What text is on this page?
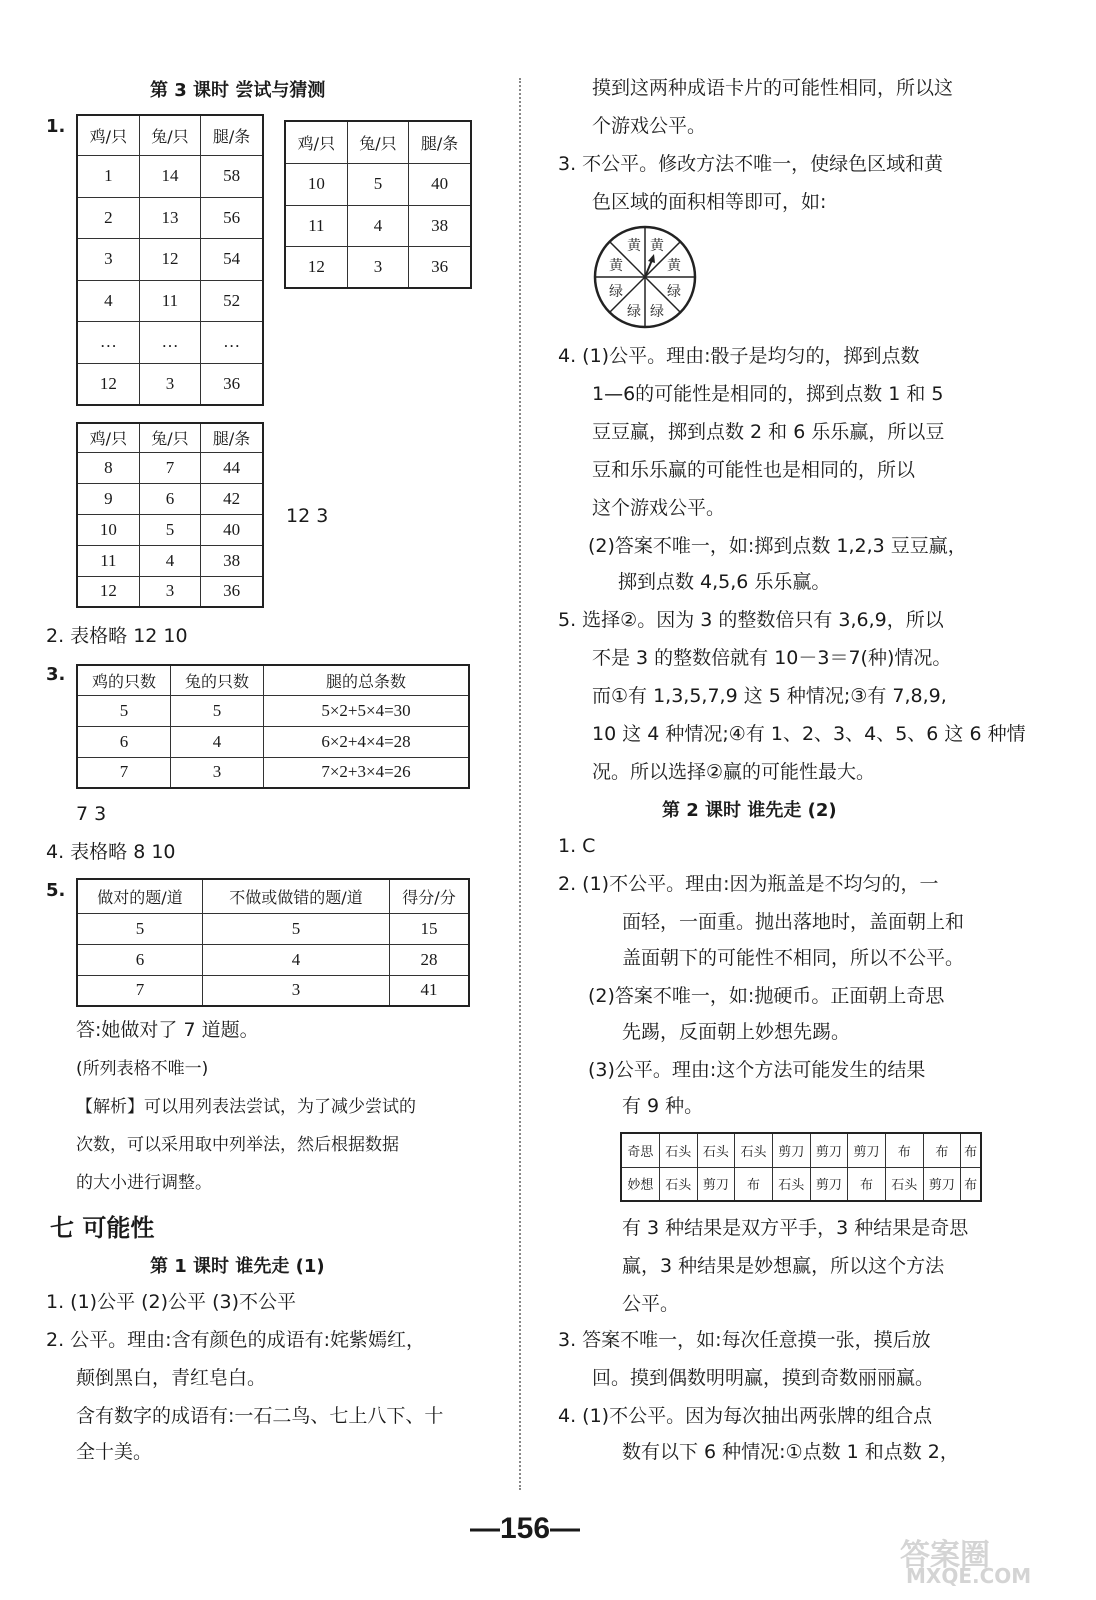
第 3 课时 尝试与猜测
1. 鸡/只	兔/只	腿/条
1	14	58
2	13	56
3	12	54
4	11	52
…	…	…
12	3	36
鸡/只	兔/只	腿/条
10	5	40
11	4	38
12	3	36
鸡/只	兔/只	腿/条
8	7	44
9	6	42
10	5	40
11	4	38
12	3	36
12 3
2. 表格略 12 10
3. 鸡的只数	兔的只数	腿的总条数
5	5	5×2+5×4=30
6	4	6×2+4×4=28
7	3	7×2+3×4=26
7 3
4. 表格略 8 10
5. 做对的题/道	不做或做错的题/道	得分/分
5	5	15
6	4	28
7	3	41
答:她做对了 7 道题。
(所列表格不唯一)
【解析】可以用列表法尝试，为了减少尝试的
次数，可以采用取中列举法，然后根据数据
的大小进行调整。
七 可能性
第 1 课时 谁先走 (1)
1. (1)公平 (2)公平 (3)不公平
2. 公平。理由:含有颜色的成语有:姹紫嫣红，
颠倒黑白，青红皂白。
含有数字的成语有:一石二鸟、七上八下、十
全十美。
摸到这两种成语卡片的可能性相同，所以这
个游戏公平。
3. 不公平。修改方法不唯一，使绿色区域和黄
色区域的面积相等即可，如:
黄 黄
黄
绿
绿
绿
绿
黄
4. (1)公平。理由:骰子是均匀的，掷到点数
1—6的可能性是相同的，掷到点数 1 和 5
豆豆赢，掷到点数 2 和 6 乐乐赢，所以豆
豆和乐乐赢的可能性也是相同的，所以
这个游戏公平。
(2)答案不唯一，如:掷到点数 1,2,3 豆豆赢，
掷到点数 4,5,6 乐乐赢。
5. 选择②。因为 3 的整数倍只有 3,6,9，所以
不是 3 的整数倍就有 10－3＝7(种)情况。
而①有 1,3,5,7,9 这 5 种情况;③有 7,8,9,
10 这 4 种情况;④有 1、2、3、4、5、6 这 6 种情
况。所以选择②赢的可能性最大。
第 2 课时 谁先走 (2)
1. C
2. (1)不公平。理由:因为瓶盖是不均匀的，一
面轻，一面重。抛出落地时，盖面朝上和
盖面朝下的可能性不相同，所以不公平。
(2)答案不唯一，如:抛硬币。正面朝上奇思
先踢，反面朝上妙想先踢。
(3)公平。理由:这个方法可能发生的结果
有 9 种。
奇思	石头	石头	石头	剪刀	剪刀	剪刀	布	布	布
妙想	石头	剪刀	布	石头	剪刀	布	石头	剪刀	布
有 3 种结果是双方平手，3 种结果是奇思
赢，3 种结果是妙想赢，所以这个方法
公平。
3. 答案不唯一，如:每次任意摸一张，摸后放
回。摸到偶数明明赢，摸到奇数丽丽赢。
4. (1)不公平。因为每次抽出两张牌的组合点
数有以下 6 种情况:①点数 1 和点数 2，
—156—
答案圈
MXQE.COM
